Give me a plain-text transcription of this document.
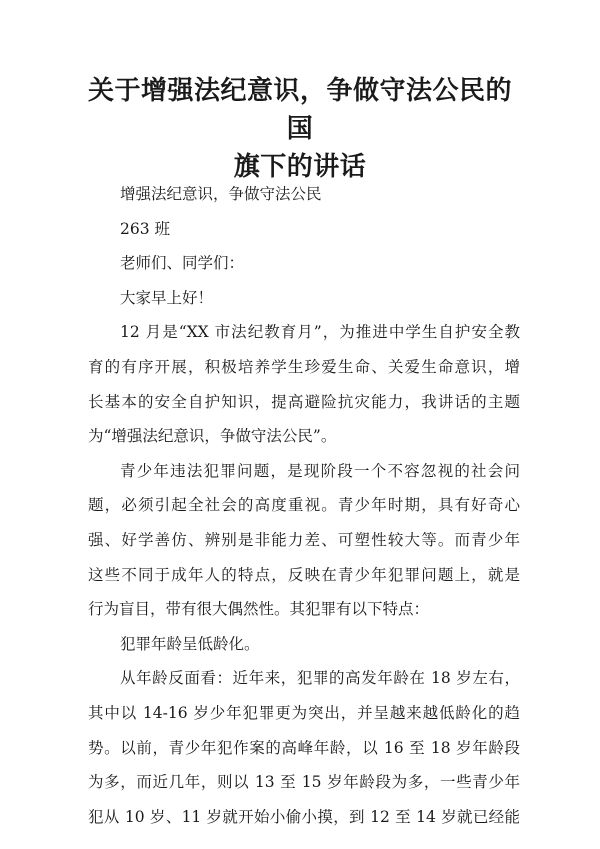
关于增强法纪意识，争做守法公民的国
旗下的讲话
增强法纪意识，争做守法公民
263 班
老师们、同学们：
大家早上好！
12 月是“XX 市法纪教育月”，为推进中学生自护安全教
育的有序开展，积极培养学生珍爱生命、关爱生命意识，增
长基本的安全自护知识，提高避险抗灾能力，我讲话的主题
为“增强法纪意识，争做守法公民”。
青少年违法犯罪问题，是现阶段一个不容忽视的社会问
题，必须引起全社会的高度重视。青少年时期，具有好奇心
强、好学善仿、辨别是非能力差、可塑性较大等。而青少年
这些不同于成年人的特点，反映在青少年犯罪问题上，就是
行为盲目，带有很大偶然性。其犯罪有以下特点：
犯罪年龄呈低龄化。
从年龄反面看：近年来，犯罪的高发年龄在 18 岁左右，
其中以 14-16 岁少年犯罪更为突出，并呈越来越低龄化的趋
势。以前，青少年犯作案的高峰年龄，以 16 至 18 岁年龄段
为多，而近几年，则以 13 至 15 岁年龄段为多，一些青少年
犯从 10 岁、11 岁就开始小偷小摸，到 12 至 14 岁就已经能
